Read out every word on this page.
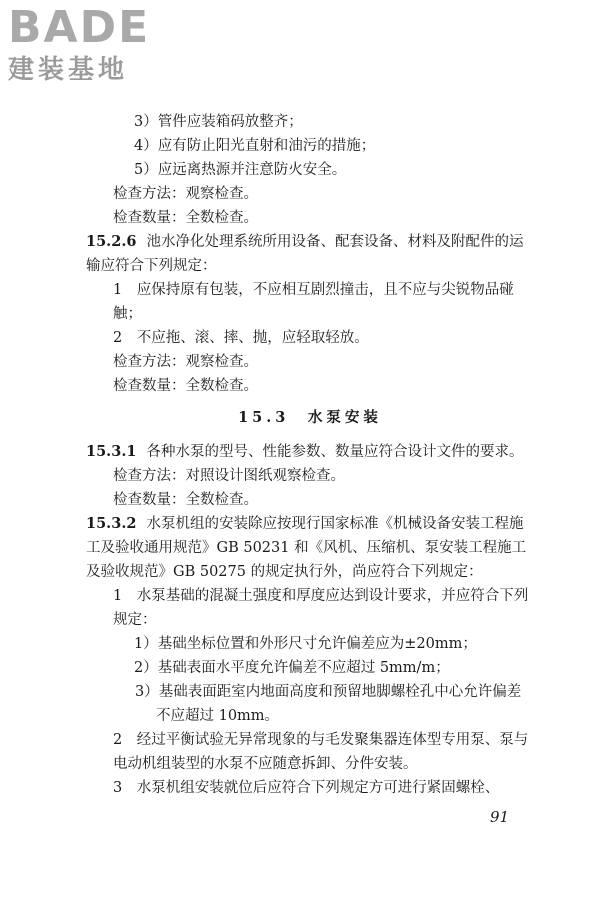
BADE
建装基地
3）管件应装箱码放整齐；
4）应有防止阳光直射和油污的措施；
5）应远离热源并注意防火安全。
检查方法：观察检查。
检查数量：全数检查。
15.2.6 池水净化处理系统所用设备、配套设备、材料及附配件的运输应符合下列规定：
1　应保持原有包装，不应相互剧烈撞击，且不应与尖锐物品碰触；
2　不应拖、滚、摔、抛，应轻取轻放。
检查方法：观察检查。
检查数量：全数检查。
15.3　水泵安装
15.3.1 各种水泵的型号、性能参数、数量应符合设计文件的要求。
检查方法：对照设计图纸观察检查。
检查数量：全数检查。
15.3.2 水泵机组的安装除应按现行国家标准《机械设备安装工程施工及验收通用规范》GB 50231 和《风机、压缩机、泵安装工程施工及验收规范》GB 50275 的规定执行外，尚应符合下列规定：
1　水泵基础的混凝土强度和厚度应达到设计要求，并应符合下列规定：
1）基础坐标位置和外形尺寸允许偏差应为±20mm；
2）基础表面水平度允许偏差不应超过 5mm/m；
3）基础表面距室内地面高度和预留地脚螺栓孔中心允许偏差不应超过 10mm。
2　经过平衡试验无异常现象的与毛发聚集器连体型专用泵、泵与电动机组装型的水泵不应随意拆卸、分件安装。
3　水泵机组安装就位后应符合下列规定方可进行紧固螺栓、
91
